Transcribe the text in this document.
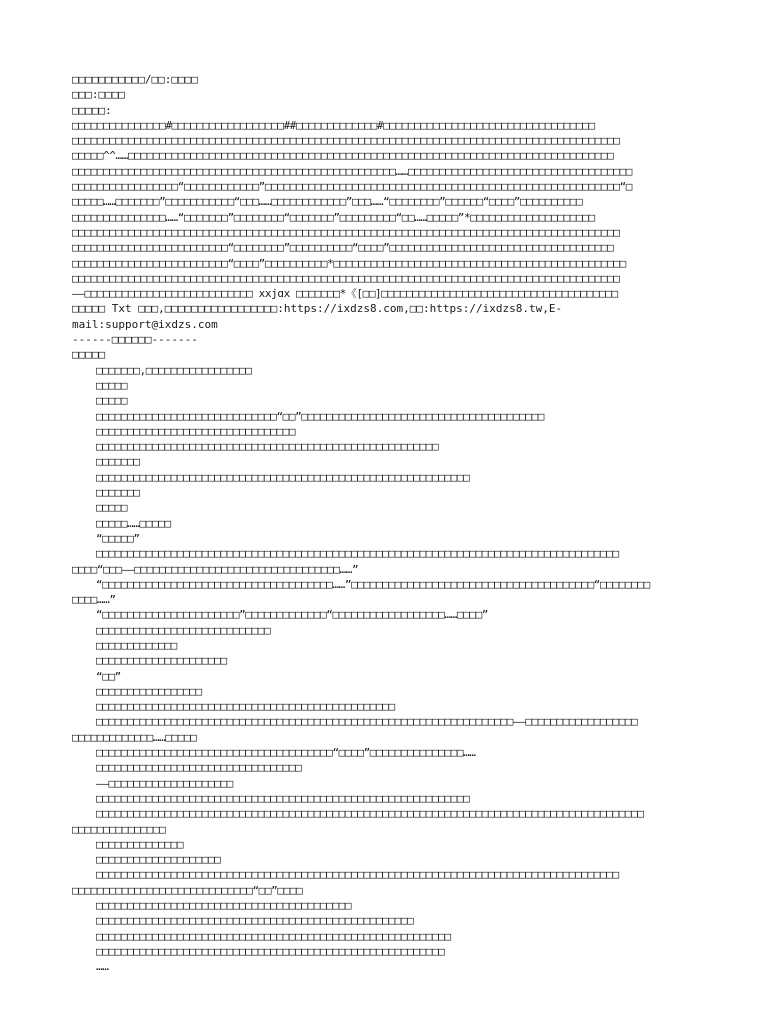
□□□□□□□□□□□/□□:□□□□
□□□:□□□□
□□□□□:
□□□□□□□□□□□□□□□#□□□□□□□□□□□□□□□□□□##□□□□□□□□□□□□□#□□□□□□□□□□□□□□□□□□□□□□□□□□□□□□□□□□
□□□□□□□□□□□□□□□□□□□□□□□□□□□□□□□□□□□□□□□□□□□□□□□□□□□□□□□□□□□□□□□□□□□□□□□□□□□□□□□□□□□□□□□□
□□□□□^^……□□□□□□□□□□□□□□□□□□□□□□□□□□□□□□□□□□□□□□□□□□□□□□□□□□□□□□□□□□□□□□□□□□□□□□□□□□□□□□
□□□□□□□□□□□□□□□□□□□□□□□□□□□□□□□□□□□□□□□□□□□□□□□□□□□□……□□□□□□□□□□□□□□□□□□□□□□□□□□□□□□□□□□□□
□□□□□□□□□□□□□□□□□“□□□□□□□□□□□□”□□□□□□□□□□□□□□□□□□□□□□□□□□□□□□□□□□□□□□□□□□□□□□□□□□□□□□□□□“□
□□□□□……□□□□□□□”□□□□□□□□□□□“□□□……□□□□□□□□□□□□”□□□……“□□□□□□□□”□□□□□□“□□□□”□□□□□□□□□□
□□□□□□□□□□□□□□□……“□□□□□□□”□□□□□□□□“□□□□□□□”□□□□□□□□□“□□……□□□□□”*□□□□□□□□□□□□□□□□□□□□
□□□□□□□□□□□□□□□□□□□□□□□□□□□□□□□□□□□□□□□□□□□□□□□□□□□□□□□□□□□□□□□□□□□□□□□□□□□□□□□□□□□□□□□□
□□□□□□□□□□□□□□□□□□□□□□□□□“□□□□□□□□”□□□□□□□□□□“□□□□”□□□□□□□□□□□□□□□□□□□□□□□□□□□□□□□□□□□□
□□□□□□□□□□□□□□□□□□□□□□□□□“□□□□”□□□□□□□□□□*□□□□□□□□□□□□□□□□□□□□□□□□□□□□□□□□□□□□□□□□□□□□□□□
□□□□□□□□□□□□□□□□□□□□□□□□□□□□□□□□□□□□□□□□□□□□□□□□□□□□□□□□□□□□□□□□□□□□□□□□□□□□□□□□□□□□□□□□
——□□□□□□□□□□□□□□□□□□□□□□□□□□□ xxjɑx □□□□□□□*《[□□]□□□□□□□□□□□□□□□□□□□□□□□□□□□□□□□□□□□□□□
□□□□□ Txt □□□,□□□□□□□□□□□□□□□□□:https://ixdzs8.com,□□:https://ixdzs8.tw,E-
mail:support@ixdzs.com
------□□□□□□-------
□□□□□
□□□□□□□,□□□□□□□□□□□□□□□□□
□□□□□
□□□□□
□□□□□□□□□□□□□□□□□□□□□□□□□□□□□“□□”□□□□□□□□□□□□□□□□□□□□□□□□□□□□□□□□□□□□□□□
□□□□□□□□□□□□□□□□□□□□□□□□□□□□□□□□
□□□□□□□□□□□□□□□□□□□□□□□□□□□□□□□□□□□□□□□□□□□□□□□□□□□□□□□
□□□□□□□
□□□□□□□□□□□□□□□□□□□□□□□□□□□□□□□□□□□□□□□□□□□□□□□□□□□□□□□□□□□□
□□□□□□□
□□□□□
□□□□□……□□□□□
“□□□□□”
□□□□□□□□□□□□□□□□□□□□□□□□□□□□□□□□□□□□□□□□□□□□□□□□□□□□□□□□□□□□□□□□□□□□□□□□□□□□□□□□□□□□
□□□□“□□□——□□□□□□□□□□□□□□□□□□□□□□□□□□□□□□□□□……”
“□□□□□□□□□□□□□□□□□□□□□□□□□□□□□□□□□□□□□……”□□□□□□□□□□□□□□□□□□□□□□□□□□□□□□□□□□□□□□□“□□□□□□□□
□□□□……”
“□□□□□□□□□□□□□□□□□□□□□□”□□□□□□□□□□□□□“□□□□□□□□□□□□□□□□□□……□□□□”
□□□□□□□□□□□□□□□□□□□□□□□□□□□□
□□□□□□□□□□□□□
□□□□□□□□□□□□□□□□□□□□□
“□□”
□□□□□□□□□□□□□□□□□
□□□□□□□□□□□□□□□□□□□□□□□□□□□□□□□□□□□□□□□□□□□□□□□□
□□□□□□□□□□□□□□□□□□□□□□□□□□□□□□□□□□□□□□□□□□□□□□□□□□□□□□□□□□□□□□□□□□□——□□□□□□□□□□□□□□□□□□
□□□□□□□□□□□□□……□□□□□
□□□□□□□□□□□□□□□□□□□□□□□□□□□□□□□□□□□□□□“□□□□”□□□□□□□□□□□□□□□……
□□□□□□□□□□□□□□□□□□□□□□□□□□□□□□□□□
——□□□□□□□□□□□□□□□□□□□□
□□□□□□□□□□□□□□□□□□□□□□□□□□□□□□□□□□□□□□□□□□□□□□□□□□□□□□□□□□□□
□□□□□□□□□□□□□□□□□□□□□□□□□□□□□□□□□□□□□□□□□□□□□□□□□□□□□□□□□□□□□□□□□□□□□□□□□□□□□□□□□□□□□□□□
□□□□□□□□□□□□□□□
□□□□□□□□□□□□□□
□□□□□□□□□□□□□□□□□□□□
□□□□□□□□□□□□□□□□□□□□□□□□□□□□□□□□□□□□□□□□□□□□□□□□□□□□□□□□□□□□□□□□□□□□□□□□□□□□□□□□□□□□
□□□□□□□□□□□□□□□□□□□□□□□□□□□□□“□□”□□□□
□□□□□□□□□□□□□□□□□□□□□□□□□□□□□□□□□□□□□□□□□
□□□□□□□□□□□□□□□□□□□□□□□□□□□□□□□□□□□□□□□□□□□□□□□□□□□
□□□□□□□□□□□□□□□□□□□□□□□□□□□□□□□□□□□□□□□□□□□□□□□□□□□□□□□□□
□□□□□□□□□□□□□□□□□□□□□□□□□□□□□□□□□□□□□□□□□□□□□□□□□□□□□□□□
……
